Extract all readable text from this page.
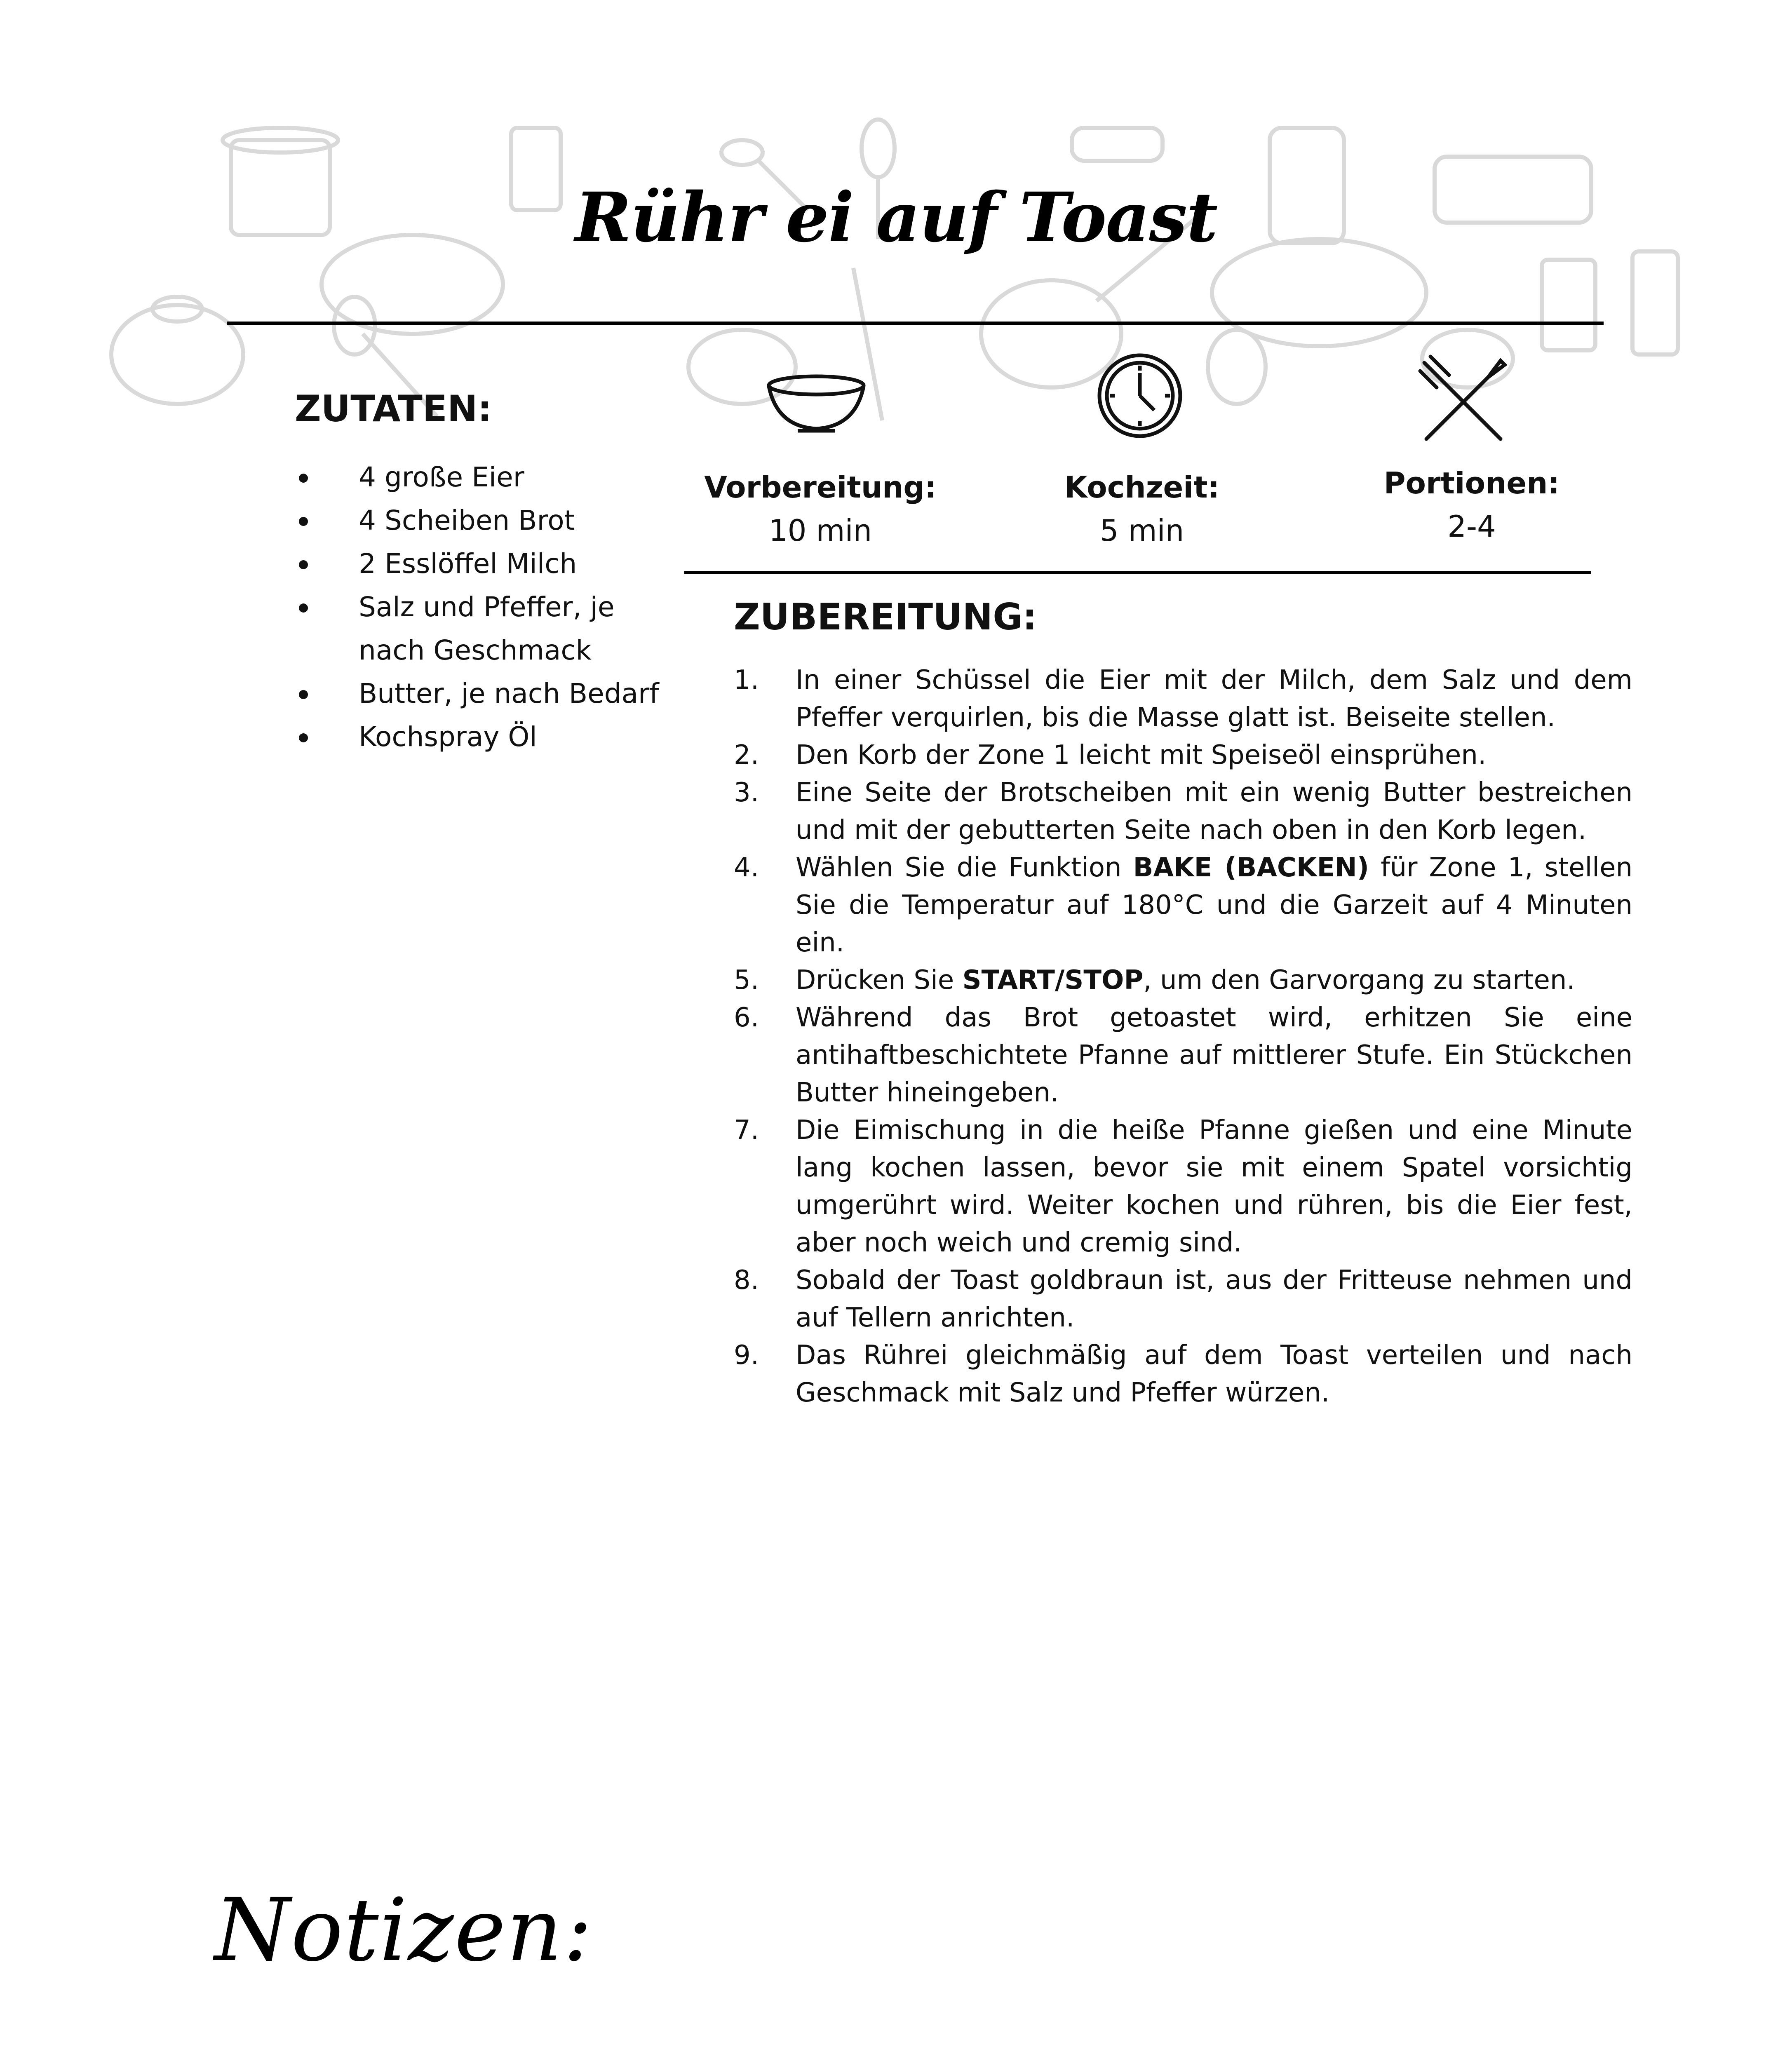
Rühr ei auf Toast
ZUTATEN:
4 große Eier
4 Scheiben Brot
2 Esslöffel Milch
Salz und Pfeffer, je nach Geschmack
Butter, je nach Bedarf
Kochspray Öl
Vorbereitung:
10 min
Kochzeit:
5 min
Portionen:
2-4
ZUBEREITUNG:
1. In einer Schüssel die Eier mit der Milch, dem Salz und dem Pfeffer verquirlen, bis die Masse glatt ist. Beiseite stellen.
2. Den Korb der Zone 1 leicht mit Speiseöl einsprühen.
3. Eine Seite der Brotscheiben mit ein wenig Butter bestreichen und mit der gebutterten Seite nach oben in den Korb legen.
4. Wählen Sie die Funktion BAKE (BACKEN) für Zone 1, stellen Sie die Temperatur auf 180°C und die Garzeit auf 4 Minuten ein.
5. Drücken Sie START/STOP, um den Garvorgang zu starten.
6. Während das Brot getoastet wird, erhitzen Sie eine antihaftbeschichtete Pfanne auf mittlerer Stufe. Ein Stückchen Butter hineingeben.
7. Die Eimischung in die heiße Pfanne gießen und eine Minute lang kochen lassen, bevor sie mit einem Spatel vorsichtig umgerührt wird. Weiter kochen und rühren, bis die Eier fest, aber noch weich und cremig sind.
8. Sobald der Toast goldbraun ist, aus der Fritteuse nehmen und auf Tellern anrichten.
9. Das Rührei gleichmäßig auf dem Toast verteilen und nach Geschmack mit Salz und Pfeffer würzen.
Notizen:
